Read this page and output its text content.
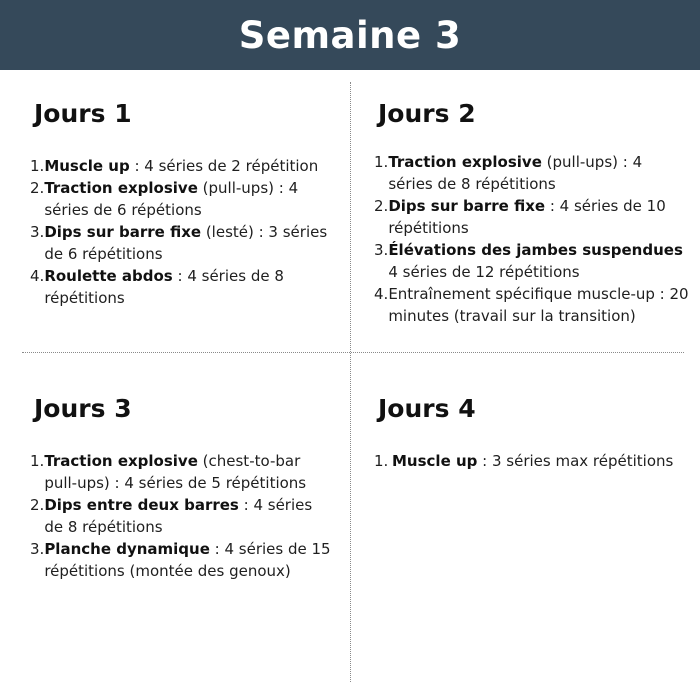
Semaine 3
Jours 1
1. Muscle up : 4 séries de 2 répétition
2. Traction explosive (pull-ups) : 4 séries de 6 répétions
3. Dips sur barre fixe (lesté) : 3 séries de 6 répétitions
4. Roulette abdos : 4 séries de 8 répétitions
Jours 2
1. Traction explosive (pull-ups) : 4 séries de 8 répétitions
2. Dips sur barre fixe : 4 séries de 10 répétitions
3. Élévations des jambes suspendues 4 séries de 12 répétitions
4. Entraînement spécifique muscle-up : 20 minutes (travail sur la transition)
Jours 3
1. Traction explosive (chest-to-bar pull-ups) : 4 séries de 5 répétitions
2. Dips entre deux barres : 4 séries de 8 répétitions
3. Planche dynamique : 4 séries de 15 répétitions (montée des genoux)
Jours 4
1. Muscle up : 3 séries max répétitions
